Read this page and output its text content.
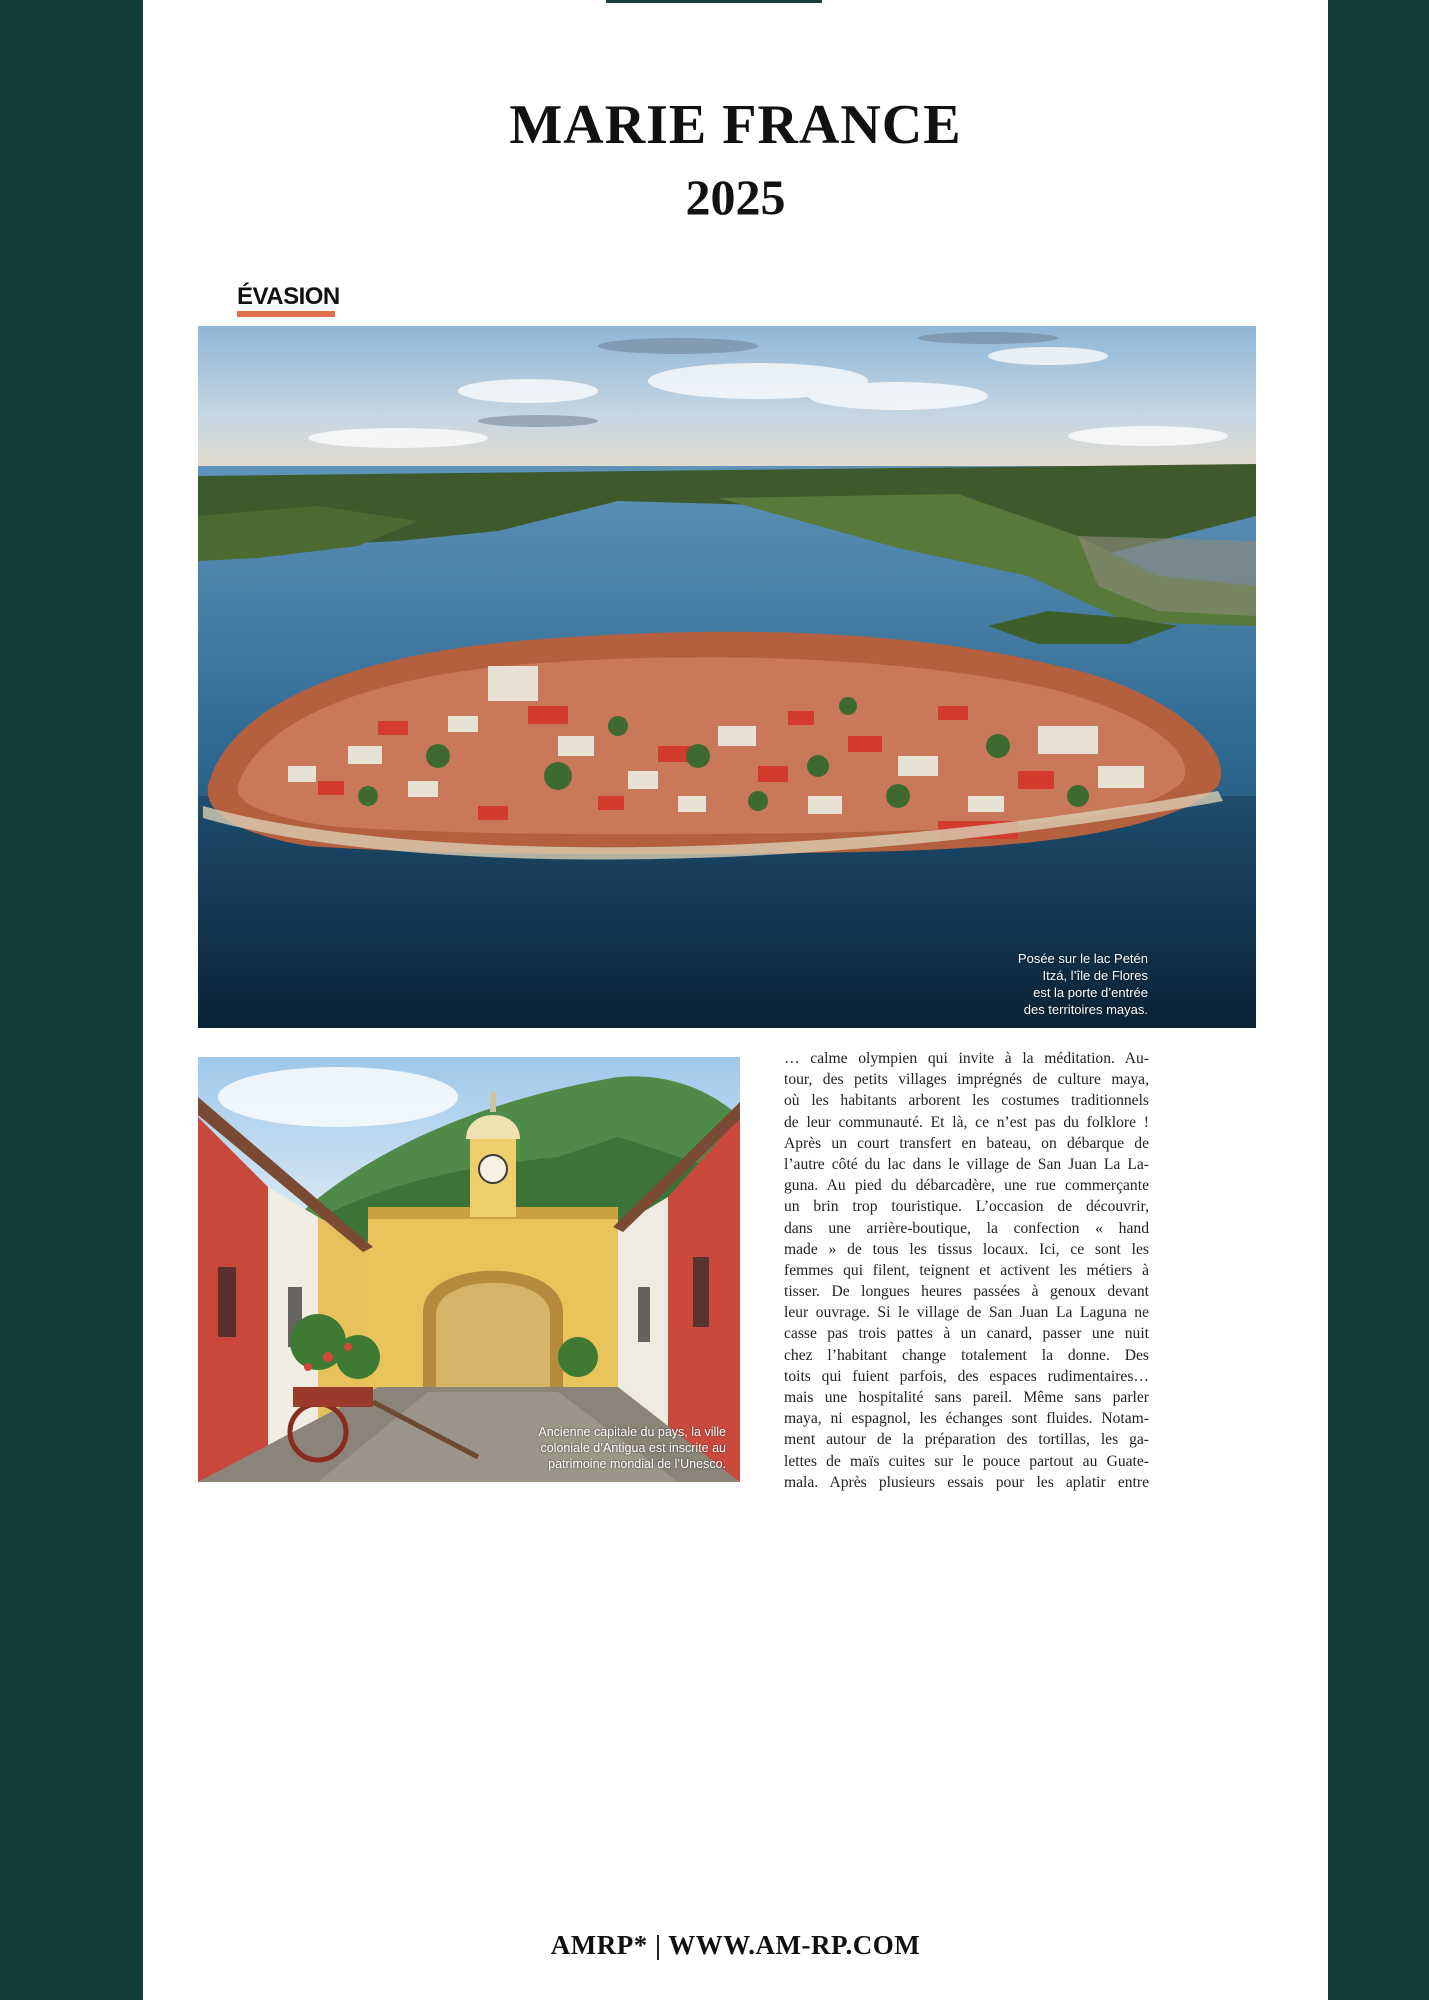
MARIE FRANCE
2025
ÉVASION
Posée sur le lac Petén
Itzá, l’île de Flores
est la porte d’entrée
des territoires mayas.
Ancienne capitale du pays, la ville
coloniale d’Antigua est inscrite au
patrimoine mondial de l’Unesco.
… calme olympien qui invite à la méditation. Au-
tour, des petits villages imprégnés de culture maya,
où les habitants arborent les costumes traditionnels
de leur communauté. Et là, ce n’est pas du folklore !
Après un court transfert en bateau, on débarque de
l’autre côté du lac dans le village de San Juan La La-
guna. Au pied du débarcadère, une rue commerçante
un brin trop touristique. L’occasion de découvrir,
dans une arrière-boutique, la confection « hand
made » de tous les tissus locaux. Ici, ce sont les
femmes qui filent, teignent et activent les métiers à
tisser. De longues heures passées à genoux devant
leur ouvrage. Si le village de San Juan La Laguna ne
casse pas trois pattes à un canard, passer une nuit
chez l’habitant change totalement la donne. Des
toits qui fuient parfois, des espaces rudimentaires…
mais une hospitalité sans pareil. Même sans parler
maya, ni espagnol, les échanges sont fluides. Notam-
ment autour de la préparation des tortillas, les ga-
lettes de maïs cuites sur le pouce partout au Guate-
mala. Après plusieurs essais pour les aplatir entre
AMRP* | WWW.AM-RP.COM
